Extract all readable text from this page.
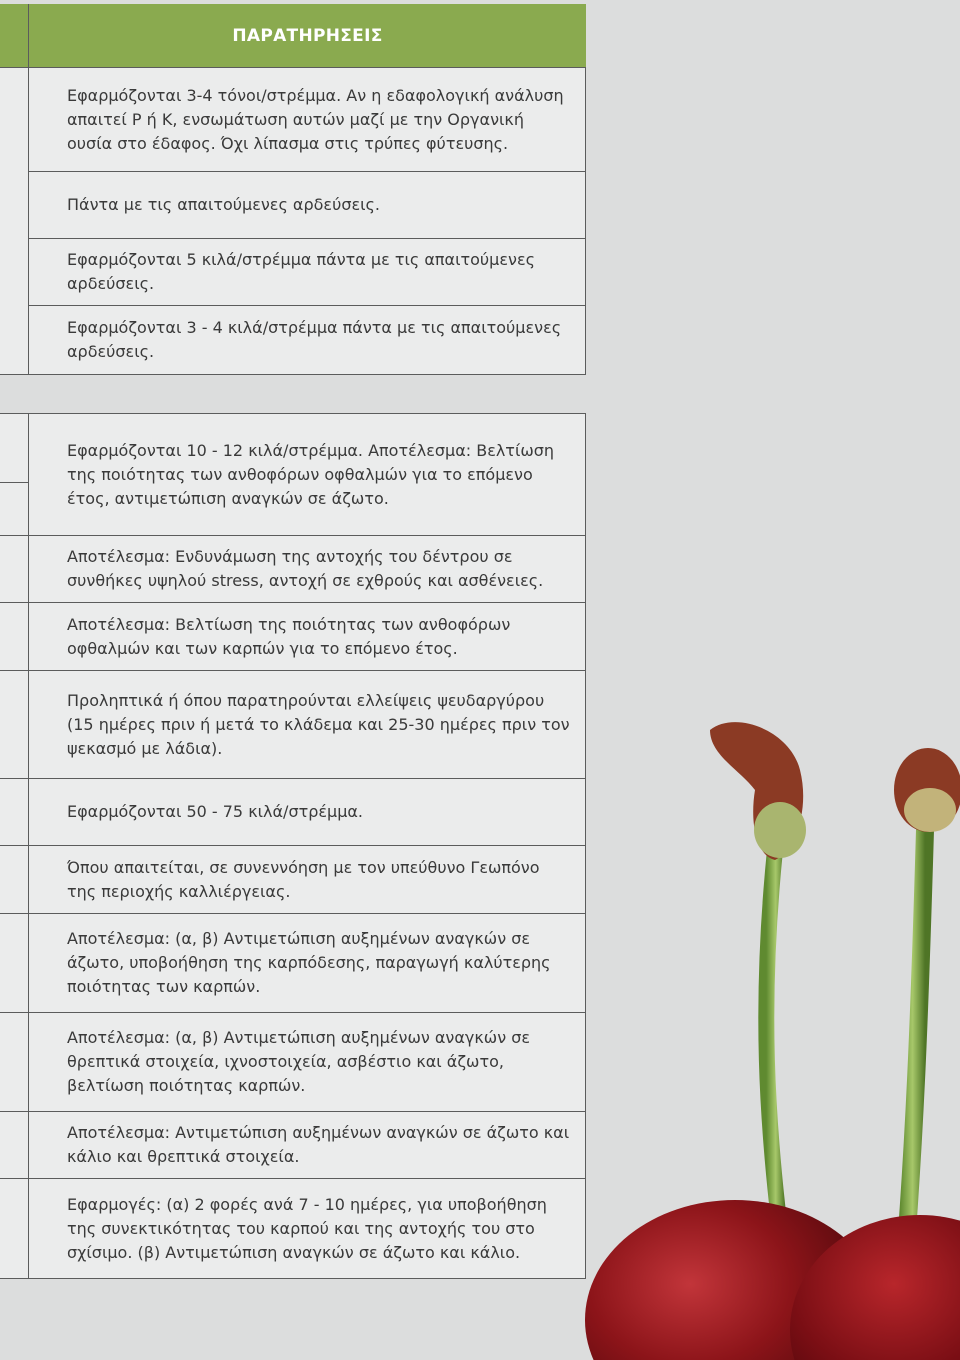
ΠΑΡΑΤΗΡΗΣΕΙΣ
Εφαρμόζονται 3-4 τόνοι/στρέμμα. Αν η εδαφολογική ανάλυση απαιτεί P ή K, ενσωμάτωση αυτών μαζί με την Οργανική ουσία στο έδαφος. Όχι λίπασμα στις τρύπες φύτευσης.
Πάντα με τις απαιτούμενες αρδεύσεις.
Εφαρμόζονται 5 κιλά/στρέμμα πάντα με τις απαιτούμενες αρδεύσεις.
Εφαρμόζονται 3 - 4 κιλά/στρέμμα πάντα με τις απαιτούμενες αρδεύσεις.
Εφαρμόζονται 10 - 12 κιλά/στρέμμα. Αποτέλεσμα: Βελτίωση της ποιότητας των ανθοφόρων οφθαλμών για το επόμενο έτος, αντιμετώπιση αναγκών σε άζωτο.
Αποτέλεσμα: Ενδυνάμωση της αντοχής του δέντρου σε συνθήκες υψηλού stress, αντοχή σε εχθρούς και ασθένειες.
Αποτέλεσμα: Βελτίωση της ποιότητας των ανθοφόρων οφθαλμών και των καρπών για το επόμενο έτος.
Προληπτικά ή όπου παρατηρούνται ελλείψεις ψευδαργύρου (15 ημέρες πριν ή μετά το κλάδεμα και 25-30 ημέρες πριν τον ψεκασμό με λάδια).
Εφαρμόζονται 50 - 75 κιλά/στρέμμα.
Όπου απαιτείται, σε συνεννόηση με τον υπεύθυνο Γεωπόνο της περιοχής καλλιέργειας.
Αποτέλεσμα: (α, β) Αντιμετώπιση αυξημένων αναγκών σε άζωτο, υποβοήθηση της καρπόδεσης, παραγωγή καλύτερης ποιότητας των καρπών.
Αποτέλεσμα: (α, β) Αντιμετώπιση αυξημένων αναγκών σε θρεπτικά στοιχεία, ιχνοστοιχεία, ασβέστιο και άζωτο, βελτίωση ποιότητας καρπών.
Αποτέλεσμα: Αντιμετώπιση αυξημένων αναγκών σε άζωτο και κάλιο και θρεπτικά στοιχεία.
Εφαρμογές: (α) 2 φορές ανά 7 - 10 ημέρες, για υποβοήθηση της συνεκτικότητας του καρπού και της αντοχής του στο σχίσιμο. (β) Αντιμετώπιση αναγκών σε άζωτο και κάλιο.
